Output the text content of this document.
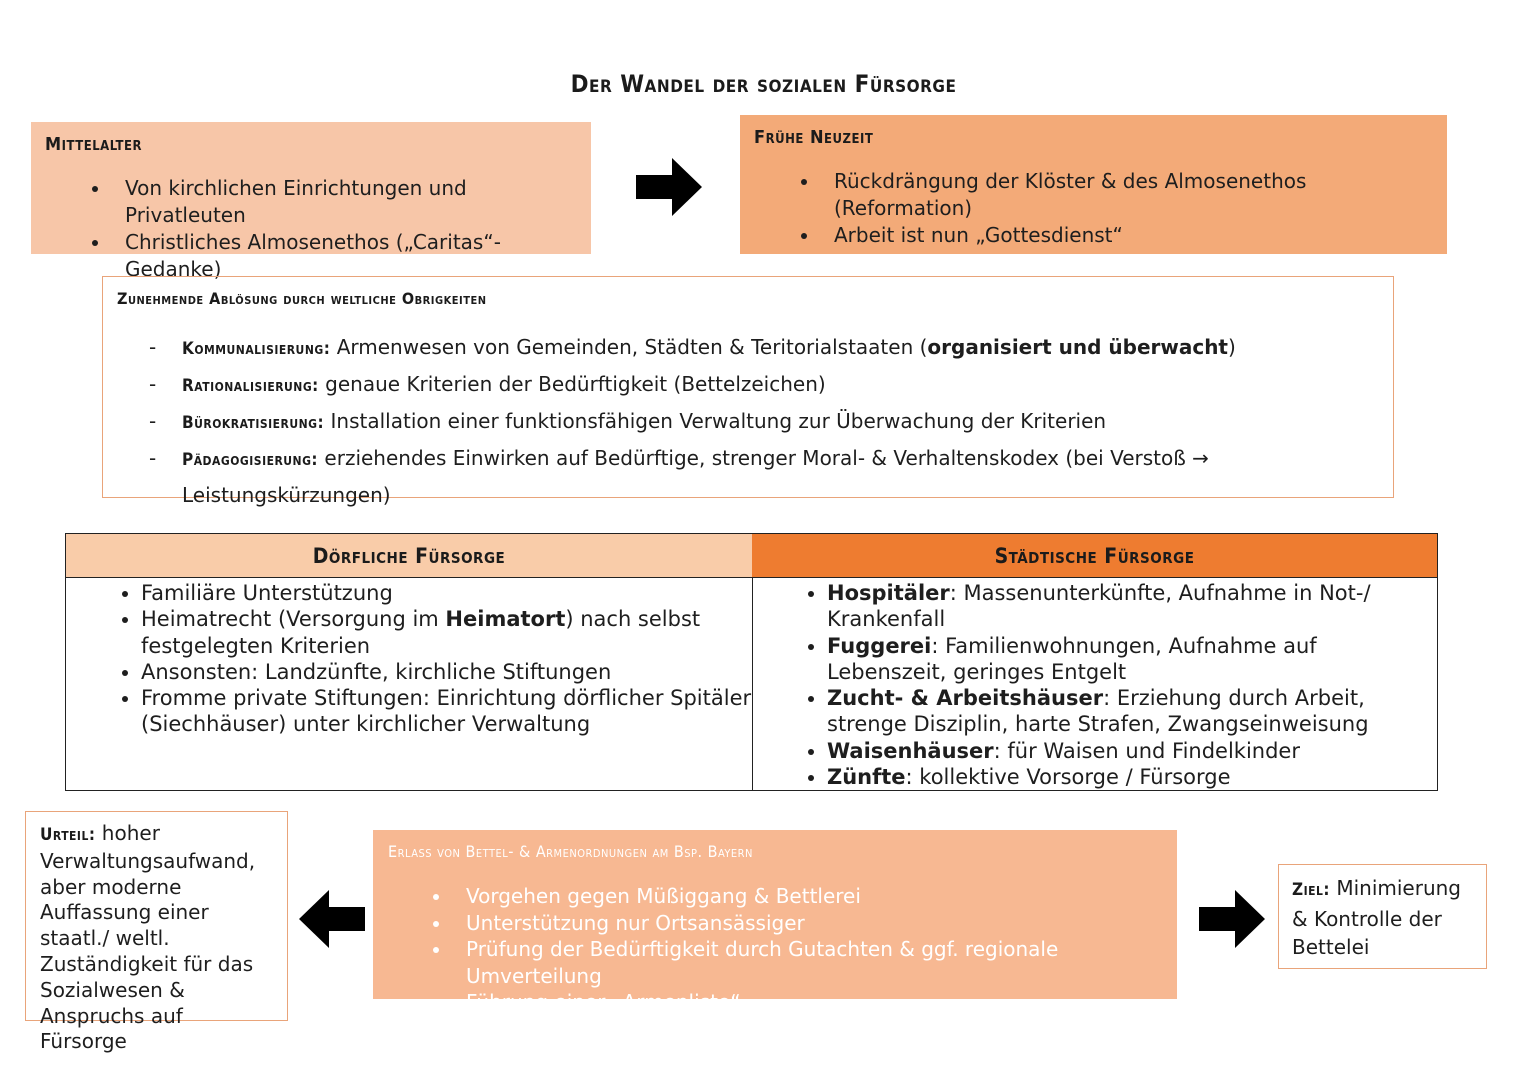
Der Wandel der sozialen Fürsorge
Mittelalter
• Von kirchlichen Einrichtungen und Privatleuten
• Christliches Almosenethos („Caritas“- Gedanke)
Frühe Neuzeit
• Rückdrängung der Klöster & des Almosenethos (Reformation)
• Arbeit ist nun „Gottesdienst“
Zunehmende Ablösung durch weltliche Obrigkeiten
- Kommunalisierung: Armenwesen von Gemeinden, Städten & Teritorialstaaten (organisiert und überwacht)
- Rationalisierung: genaue Kriterien der Bedürftigkeit (Bettelzeichen)
- Bürokratisierung: Installation einer funktionsfähigen Verwaltung zur Überwachung der Kriterien
- Pädagogisierung: erziehendes Einwirken auf Bedürftige, strenger Moral- & Verhaltenskodex (bei Verstoß → Leistungskürzungen)
Dörfliche Fürsorge
• Familiäre Unterstützung
• Heimatrecht (Versorgung im Heimatort) nach selbst festgelegten Kriterien
• Ansonsten: Landzünfte, kirchliche Stiftungen
• Fromme private Stiftungen: Einrichtung dörflicher Spitäler (Siechhäuser) unter kirchlicher Verwaltung
Städtische Fürsorge
• Hospitäler: Massenunterkünfte, Aufnahme in Not-/ Krankenfall
• Fuggerei: Familienwohnungen, Aufnahme auf Lebenszeit, geringes Entgelt
• Zucht- & Arbeitshäuser: Erziehung durch Arbeit, strenge Disziplin, harte Strafen, Zwangseinweisung
• Waisenhäuser: für Waisen und Findelkinder
• Zünfte: kollektive Vorsorge / Fürsorge
Urteil: hoher Verwaltungsaufwand, aber moderne Auffassung einer staatl./ weltl. Zuständigkeit für das Sozialwesen & Anspruchs auf Fürsorge
Erlass von Bettel- & Armenordnungen am Bsp. Bayern
• Vorgehen gegen Müßiggang & Bettlerei
• Unterstützung nur Ortsansässiger
• Prüfung der Bedürftigkeit durch Gutachten & ggf. regionale Umverteilung
• Führung einer „Armenliste“
Ziel: Minimierung & Kontrolle der Bettelei
